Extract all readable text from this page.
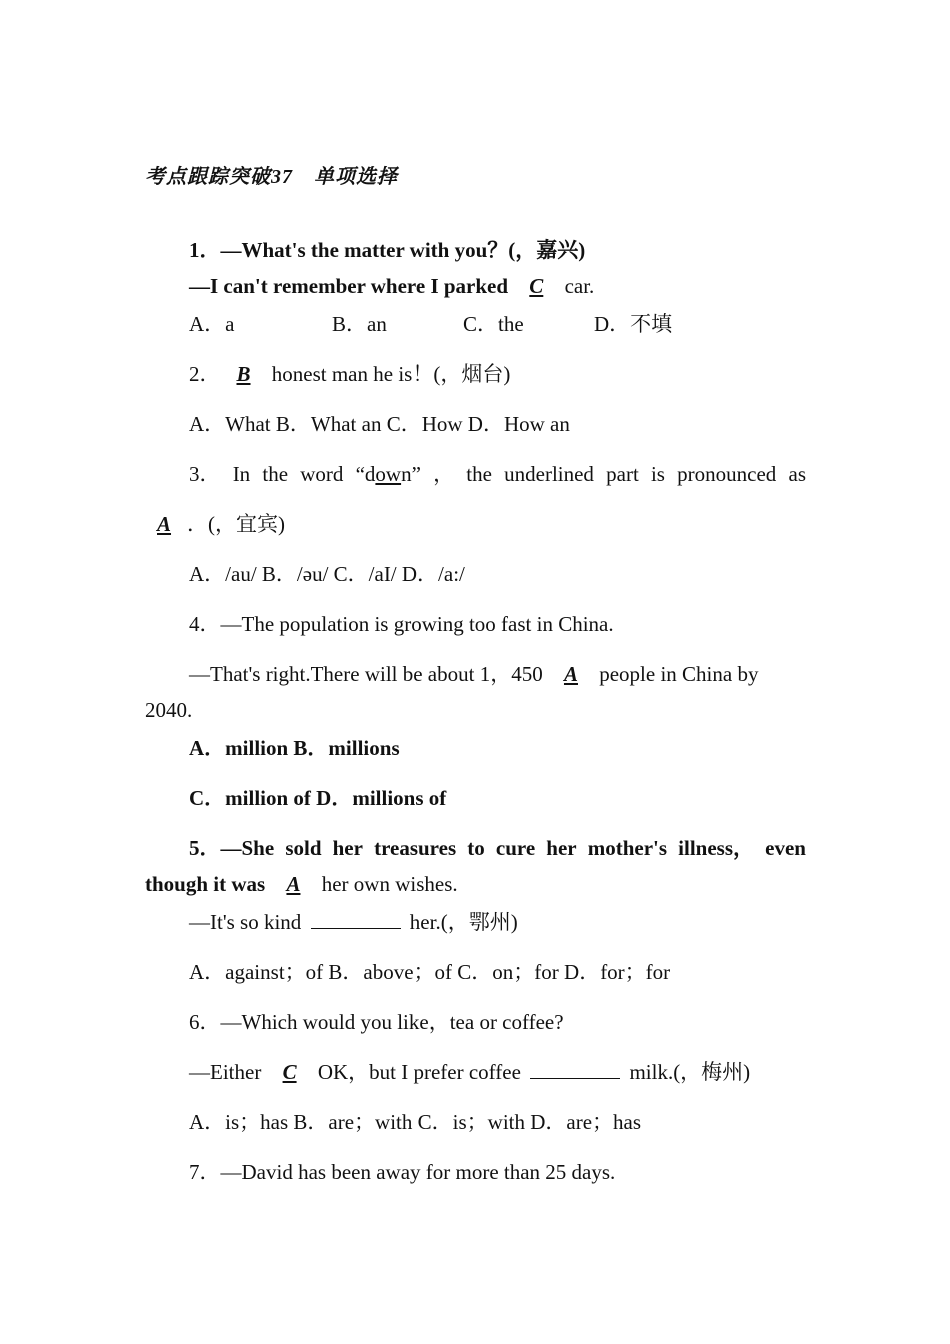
考点跟踪突破37　单项选择
1．—What's the matter with you？(，嘉兴)
—I can't remember where I parked C car.
A．a	B．an	C．the	D．不填
2． B honest man he is！(，烟台)
A．What B．What an C．How D．How an
3． In the word “down” ， the underlined part is pronounced as
A ．(，宜宾)
A．/au/ B．/əu/ C．/aI/ D．/a:/
4．—The population is growing too fast in China.
—That's right.There will be about 1，450 A people in China by
2040.
A．million B．millions
C．million of D．millions of
5．—She sold her treasures to cure her mother's illness， even
though it was A her own wishes.
—It's so kind	her.(，鄂州)
A．against；of B．above；of C．on；for D．for；for
6．—Which would you like，tea or coffee?
—Either C OK，but I prefer coffee	milk.(，梅州)
A．is；has B．are；with C．is；with D．are；has
7．—David has been away for more than 25 days.
